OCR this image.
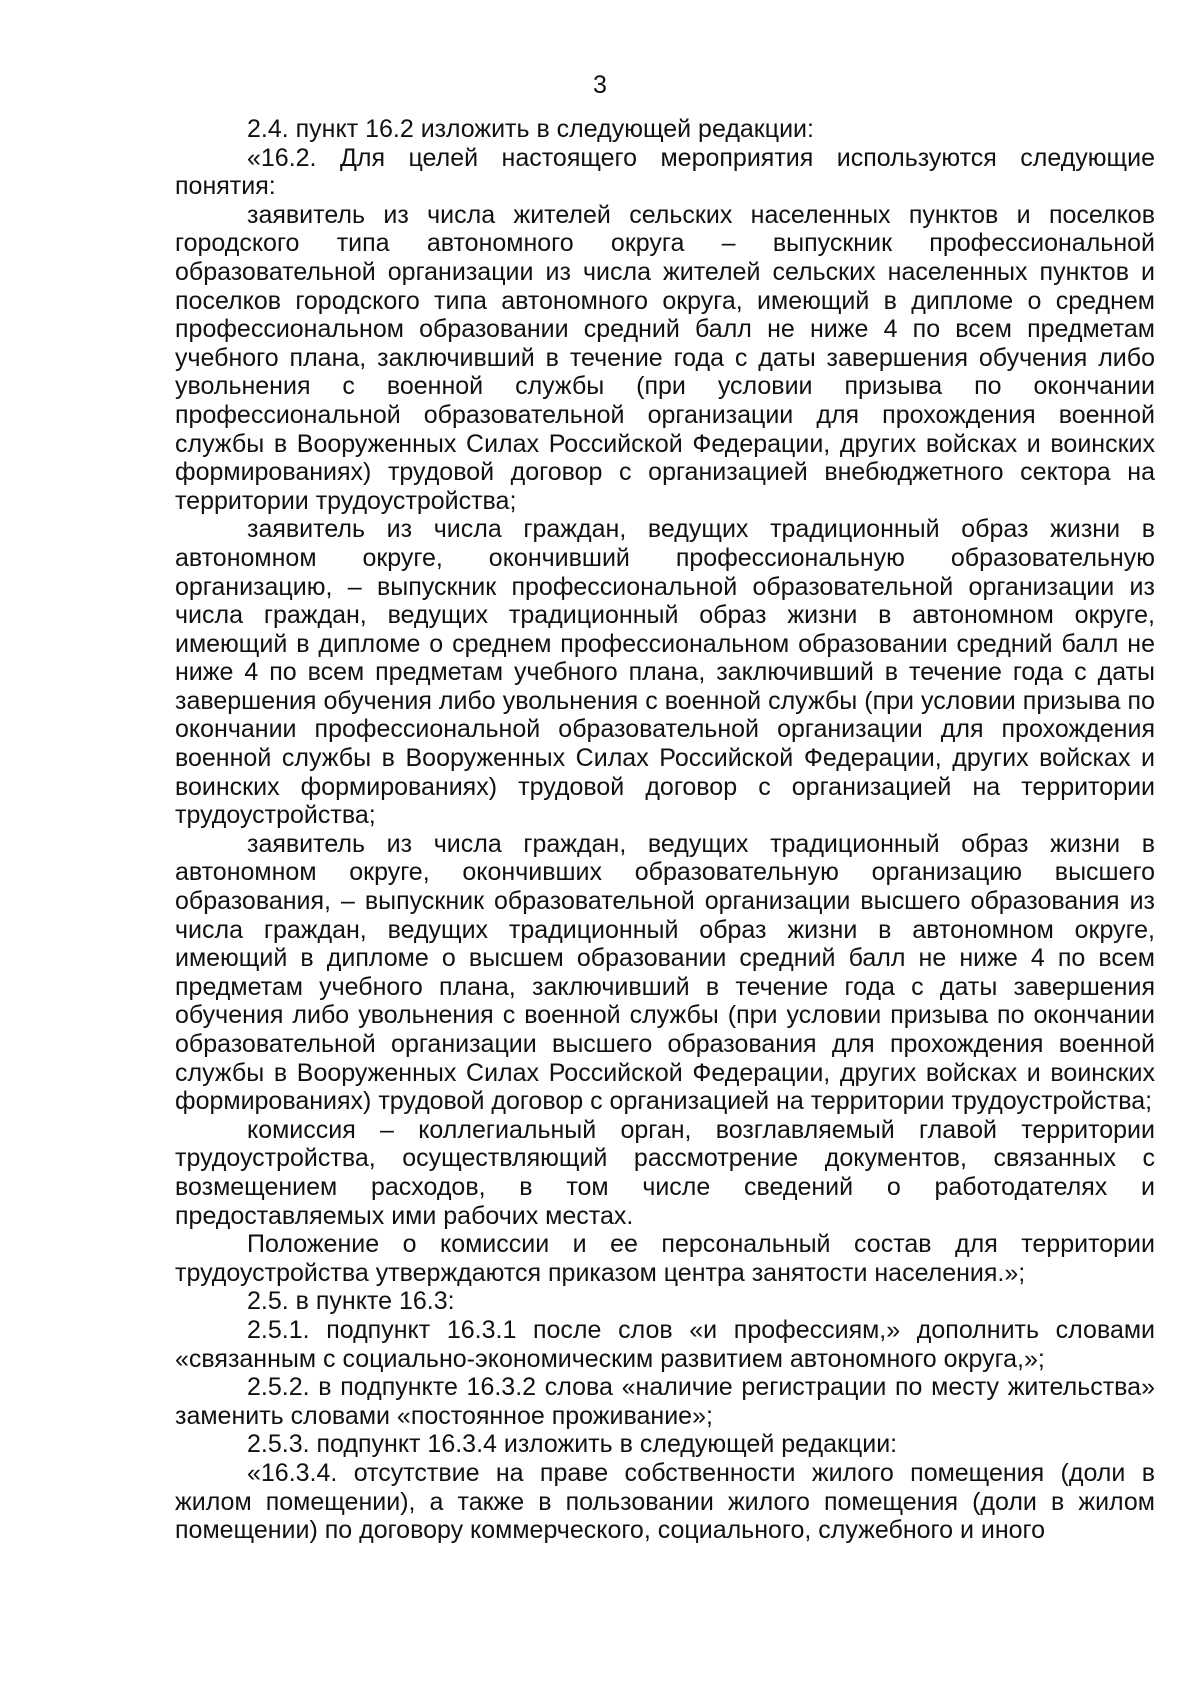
3

2.4. пункт 16.2 изложить в следующей редакции:

«16.2. Для целей настоящего мероприятия используются следующие понятия:

заявитель из числа жителей сельских населенных пунктов и поселков городского типа автономного округа – выпускник профессиональной образовательной организации из числа жителей сельских населенных пунктов и поселков городского типа автономного округа, имеющий в дипломе о среднем профессиональном образовании средний балл не ниже 4 по всем предметам учебного плана, заключивший в течение года с даты завершения обучения либо увольнения с военной службы (при условии призыва по окончании профессиональной образовательной организации для прохождения военной службы в Вооруженных Силах Российской Федерации, других войсках и воинских формированиях) трудовой договор с организацией внебюджетного сектора на территории трудоустройства;

заявитель из числа граждан, ведущих традиционный образ жизни в автономном округе, окончивший профессиональную образовательную организацию, – выпускник профессиональной образовательной организации из числа граждан, ведущих традиционный образ жизни в автономном округе, имеющий в дипломе о среднем профессиональном образовании средний балл не ниже 4 по всем предметам учебного плана, заключивший в течение года с даты завершения обучения либо увольнения с военной службы (при условии призыва по окончании профессиональной образовательной организации для прохождения военной службы в Вооруженных Силах Российской Федерации, других войсках и воинских формированиях) трудовой договор с организацией на территории трудоустройства;

заявитель из числа граждан, ведущих традиционный образ жизни в автономном округе, окончивших образовательную организацию высшего образования, – выпускник образовательной организации высшего образования из числа граждан, ведущих традиционный образ жизни в автономном округе, имеющий в дипломе о высшем образовании средний балл не ниже 4 по всем предметам учебного плана, заключивший в течение года с даты завершения обучения либо увольнения с военной службы (при условии призыва по окончании образовательной организации высшего образования для прохождения военной службы в Вооруженных Силах Российской Федерации, других войсках и воинских формированиях) трудовой договор с организацией на территории трудоустройства;

комиссия – коллегиальный орган, возглавляемый главой территории трудоустройства, осуществляющий рассмотрение документов, связанных с возмещением расходов, в том числе сведений о работодателях и предоставляемых ими рабочих местах.

Положение о комиссии и ее персональный состав для территории трудоустройства утверждаются приказом центра занятости населения.»;

2.5. в пункте 16.3:

2.5.1. подпункт 16.3.1 после слов «и профессиям,» дополнить словами «связанным с социально-экономическим развитием автономного округа,»;

2.5.2. в подпункте 16.3.2 слова «наличие регистрации по месту жительства» заменить словами «постоянное проживание»;

2.5.3. подпункт 16.3.4 изложить в следующей редакции:

«16.3.4. отсутствие на праве собственности жилого помещения (доли в жилом помещении), а также в пользовании жилого помещения (доли в жилом помещении) по договору коммерческого, социального, служебного и иного
